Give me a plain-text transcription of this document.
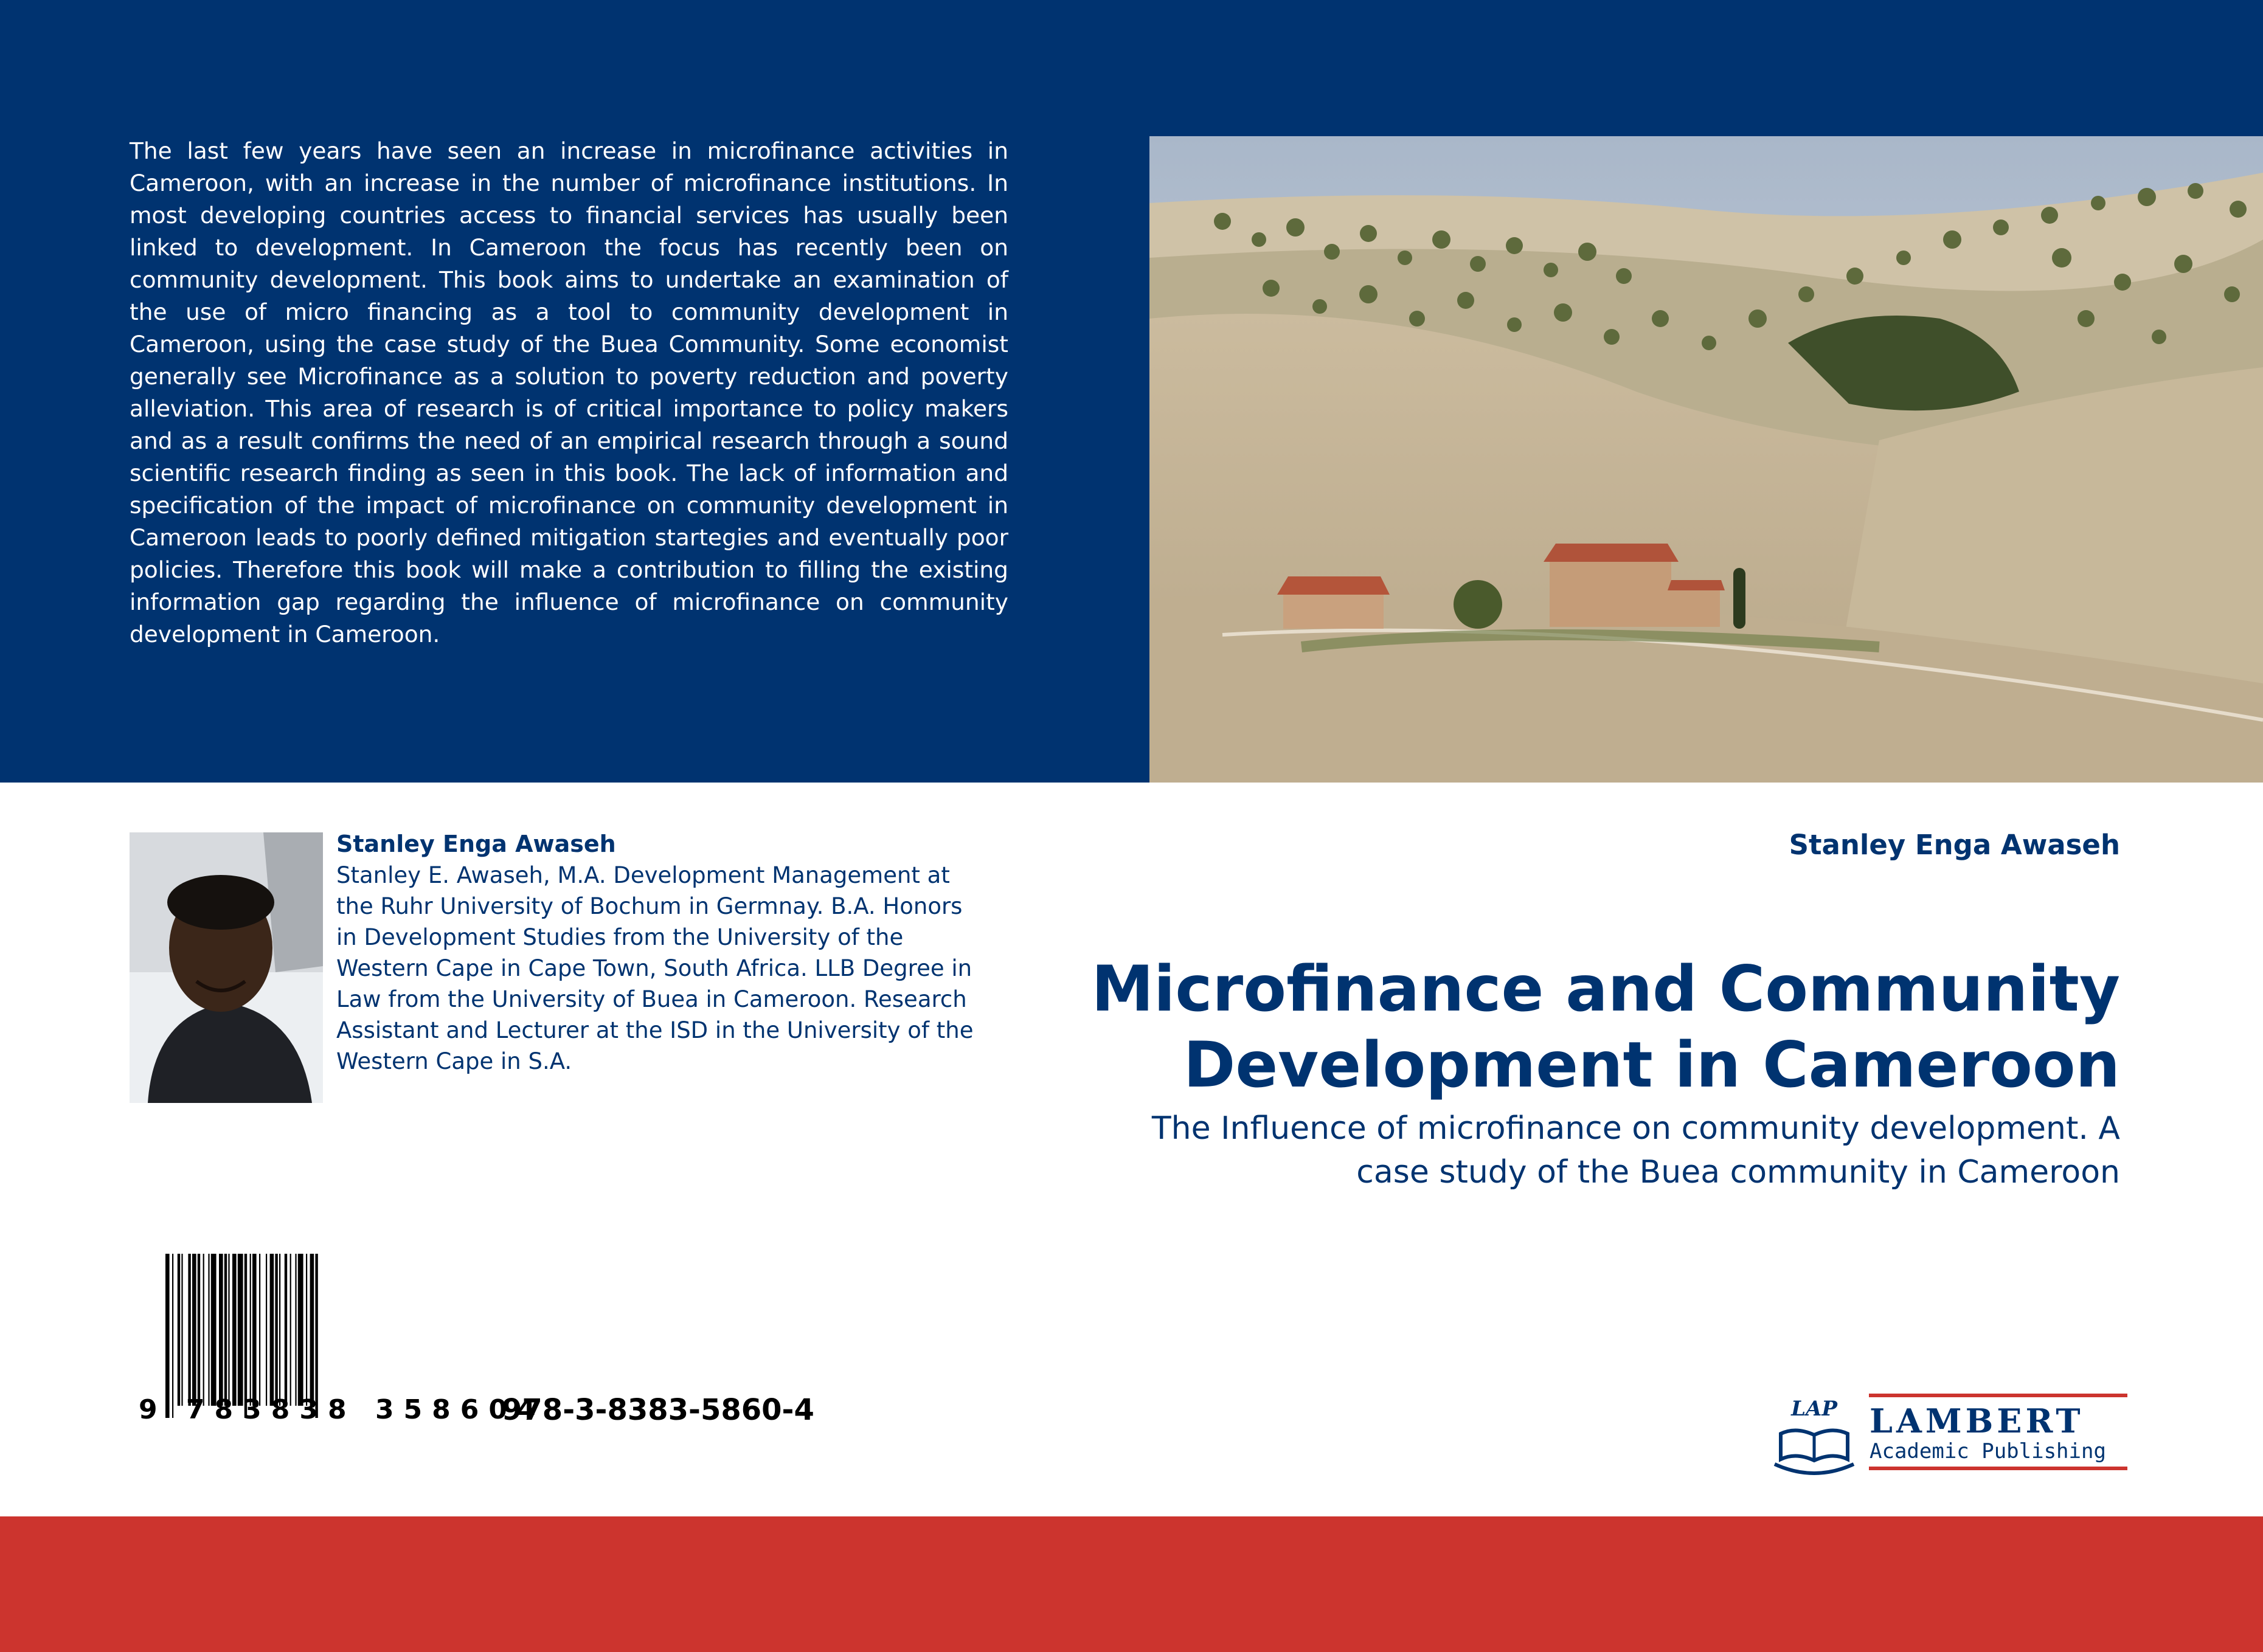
The last few years have seen an increase in microfinance activities in Cameroon, with an increase in the number of microfinance institutions. In most developing countries access to financial services has usually been linked to development. In Cameroon the focus has recently been on community development. This book aims to undertake an examination of the use of micro financing as a tool to community development in Cameroon, using the case study of the Buea Community. Some economist generally see Microfinance as a solution to poverty reduction and poverty alleviation. This area of research is of critical importance to policy makers and as a result confirms the need of an empirical research through a sound scientific research finding as seen in this book. The lack of information and specification of the impact of microfinance on community development in Cameroon leads to poorly defined mitigation startegies and eventually poor policies. Therefore this book will make a contribution to filling the existing information gap regarding the influence of microfinance on community development in Cameroon.

Stanley Enga Awaseh

Stanley E. Awaseh, M.A. Development Management at the Ruhr University of Bochum in Germnay. B.A. Honors in Development Studies from the University of the Western Cape in Cape Town, South Africa. LLB Degree in Law from the University of Buea in Cameroon. Research Assistant and Lecturer at the ISD in the University of the Western Cape in S.A.

Stanley Enga Awaseh

Microfinance and Community Development in Cameroon

The Influence of microfinance on community development. A case study of the Buea community in Cameroon

9 783838 358604

978-3-8383-5860-4	LAP LAMBERT

Academic Publishing
